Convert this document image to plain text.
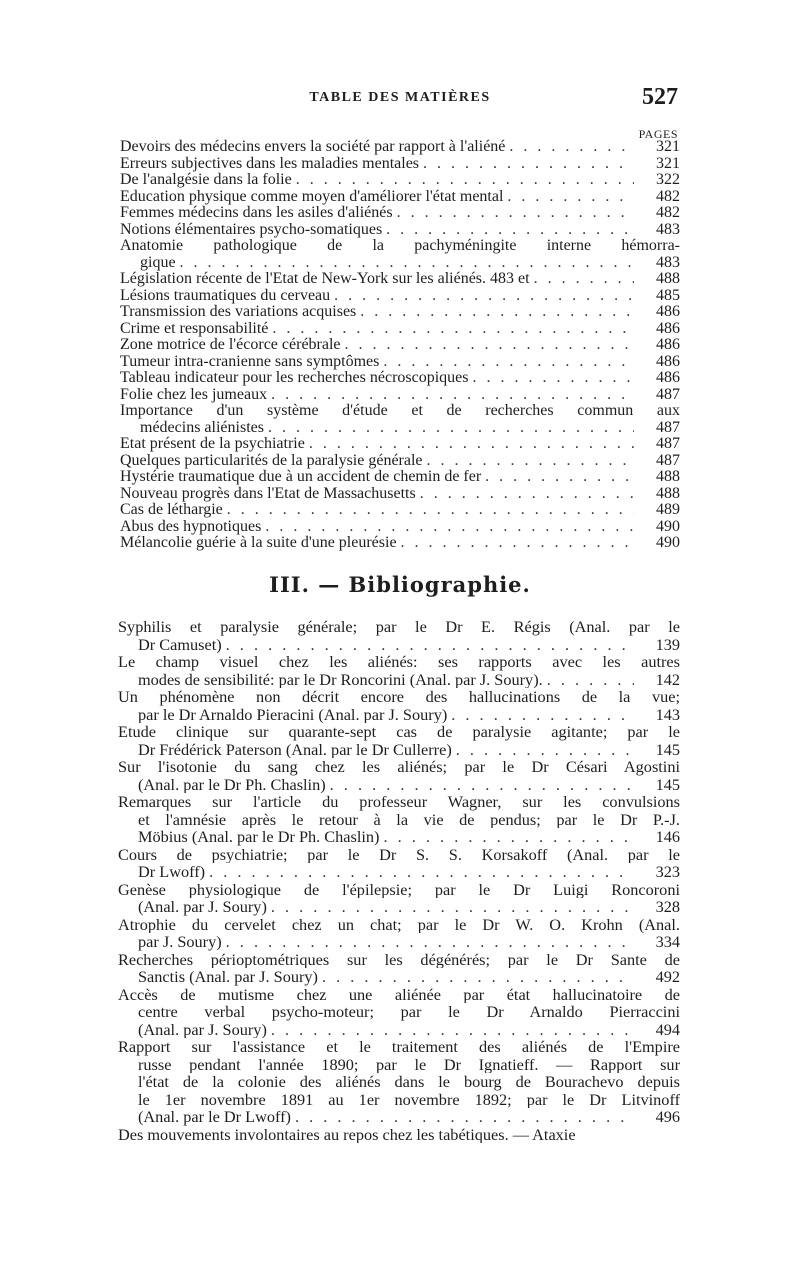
TABLE DES MATIÈRES	527
PAGES
Devoirs des médecins envers la société par rapport à l'aliéné . . .	321
Erreurs subjectives dans les maladies mentales . . .	321
De l'analgésie dans la folie . . .	322
Education physique comme moyen d'améliorer l'état mental . . .	482
Femmes médecins dans les asiles d'aliénés . . .	482
Notions élémentaires psycho-somatiques . . .	483
Anatomie pathologique de la pachyméningite interne hémorra-
gique . . .	483
Législation récente de l'Etat de New-York sur les aliénés. 483 et . . .	488
Lésions traumatiques du cerveau . . .	485
Transmission des variations acquises . . .	486
Crime et responsabilité . . .	486
Zone motrice de l'écorce cérébrale . . .	486
Tumeur intra-cranienne sans symptômes . . .	486
Tableau indicateur pour les recherches nécroscopiques . . .	486
Folie chez les jumeaux . . .	487
Importance d'un système d'étude et de recherches commun aux
médecins aliénistes . . .	487
Etat présent de la psychiatrie . . .	487
Quelques particularités de la paralysie générale . . .	487
Hystérie traumatique due à un accident de chemin de fer . . .	488
Nouveau progrès dans l'Etat de Massachusetts . . .	488
Cas de léthargie . . .	489
Abus des hypnotiques . . .	490
Mélancolie guérie à la suite d'une pleurésie . . .	490
III. — Bibliographie.
Syphilis et paralysie générale; par le Dr E. Régis (Anal. par le
Dr Camuset) . . .	139
Le champ visuel chez les aliénés: ses rapports avec les autres
modes de sensibilité: par le Dr Roncorini (Anal. par J. Soury). . . .	142
Un phénomène non décrit encore des hallucinations de la vue;
par le Dr Arnaldo Pieracini (Anal. par J. Soury) . . .	143
Etude clinique sur quarante-sept cas de paralysie agitante; par le
Dr Frédérick Paterson (Anal. par le Dr Cullerre) . . .	145
Sur l'isotonie du sang chez les aliénés; par le Dr Césari Agostini
(Anal. par le Dr Ph. Chaslin) . . .	145
Remarques sur l'article du professeur Wagner, sur les convulsions
et l'amnésie après le retour à la vie de pendus; par le Dr P.-J.
Möbius (Anal. par le Dr Ph. Chaslin) . . .	146
Cours de psychiatrie; par le Dr S. S. Korsakoff (Anal. par le
Dr Lwoff) . . .	323
Genèse physiologique de l'épilepsie; par le Dr Luigi Roncoroni
(Anal. par J. Soury) . . .	328
Atrophie du cervelet chez un chat; par le Dr W. O. Krohn (Anal.
par J. Soury) . . .	334
Recherches périoptométriques sur les dégénérés; par le Dr Sante de
Sanctis (Anal. par J. Soury) . . .	492
Accès de mutisme chez une aliénée par état hallucinatoire de
centre verbal psycho-moteur; par le Dr Arnaldo Pierraccini
(Anal. par J. Soury) . . .	494
Rapport sur l'assistance et le traitement des aliénés de l'Empire
russe pendant l'année 1890; par le Dr Ignatieff. — Rapport sur
l'état de la colonie des aliénés dans le bourg de Bourachevo depuis
le 1er novembre 1891 au 1er novembre 1892; par le Dr Litvinoff
(Anal. par le Dr Lwoff) . . .	496
Des mouvements involontaires au repos chez les tabétiques. — Ataxie
